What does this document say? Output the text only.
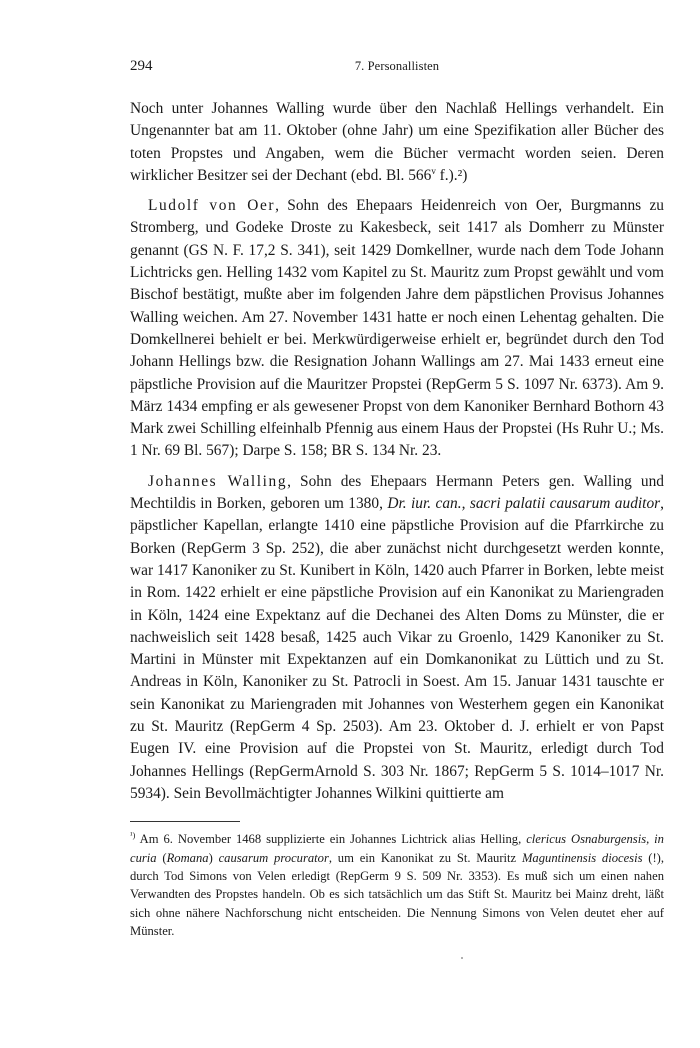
294	7. Personallisten

Noch unter Johannes Walling wurde über den Nachlaß Hellings verhandelt. Ein Ungenannter bat am 11. Oktober (ohne Jahr) um eine Spezifikation aller Bücher des toten Propstes und Angaben, wem die Bücher vermacht worden seien. Deren wirklicher Besitzer sei der Dechant (ebd. Bl. 566$^v$ f.).²)

Ludolf von Oer, Sohn des Ehepaars Heidenreich von Oer, Burgmanns zu Stromberg, und Godeke Droste zu Kakesbeck, seit 1417 als Domherr zu Münster genannt (GS N. F. 17,2 S. 341), seit 1429 Domkellner, wurde nach dem Tode Johann Lichtricks gen. Helling 1432 vom Kapitel zu St. Mauritz zum Propst gewählt und vom Bischof bestätigt, mußte aber im folgenden Jahre dem päpstlichen Provisus Johannes Walling weichen. Am 27. November 1431 hatte er noch einen Lehentag gehalten. Die Domkellnerei behielt er bei. Merkwürdigerweise erhielt er, begründet durch den Tod Johann Hellings bzw. die Resignation Johann Wallings am 27. Mai 1433 erneut eine päpstliche Provision auf die Mauritzer Propstei (RepGerm 5 S. 1097 Nr. 6373). Am 9. März 1434 empfing er als gewesener Propst von dem Kanoniker Bernhard Bothorn 43 Mark zwei Schilling elfeinhalb Pfennig aus einem Haus der Propstei (Hs Ruhr U.; Ms. 1 Nr. 69 Bl. 567); Darpe S. 158; BR S. 134 Nr. 23.

Johannes Walling, Sohn des Ehepaars Hermann Peters gen. Walling und Mechtildis in Borken, geboren um 1380, Dr. iur. can., sacri palatii causarum auditor, päpstlicher Kapellan, erlangte 1410 eine päpstliche Provision auf die Pfarrkirche zu Borken (RepGerm 3 Sp. 252), die aber zunächst nicht durchgesetzt werden konnte, war 1417 Kanoniker zu St. Kunibert in Köln, 1420 auch Pfarrer in Borken, lebte meist in Rom. 1422 erhielt er eine päpstliche Provision auf ein Kanonikat zu Mariengraden in Köln, 1424 eine Expektanz auf die Dechanei des Alten Doms zu Münster, die er nachweislich seit 1428 besaß, 1425 auch Vikar zu Groenlo, 1429 Kanoniker zu St. Martini in Münster mit Expektanzen auf ein Domkanonikat zu Lüttich und zu St. Andreas in Köln, Kanoniker zu St. Patrocli in Soest. Am 15. Januar 1431 tauschte er sein Kanonikat zu Mariengraden mit Johannes von Westerhem gegen ein Kanonikat zu St. Mauritz (RepGerm 4 Sp. 2503). Am 23. Oktober d. J. erhielt er von Papst Eugen IV. eine Provision auf die Propstei von St. Mauritz, erledigt durch Tod Johannes Hellings (RepGermArnold S. 303 Nr. 1867; RepGerm 5 S. 1014–1017 Nr. 5934). Sein Bevollmächtigter Johannes Wilkini quittierte am

$^{^1)}$ Am 6. November 1468 supplizierte ein Johannes Lichtrick alias Helling, clericus Osnaburgensis, in curia (Romana) causarum procurator, um ein Kanonikat zu St. Mauritz Maguntinensis diocesis (!), durch Tod Simons von Velen erledigt (RepGerm 9 S. 509 Nr. 3353). Es muß sich um einen nahen Verwandten des Propstes handeln. Ob es sich tatsächlich um das Stift St. Mauritz bei Mainz dreht, läßt sich ohne nähere Nachforschung nicht entscheiden. Die Nennung Simons von Velen deutet eher auf Münster.
